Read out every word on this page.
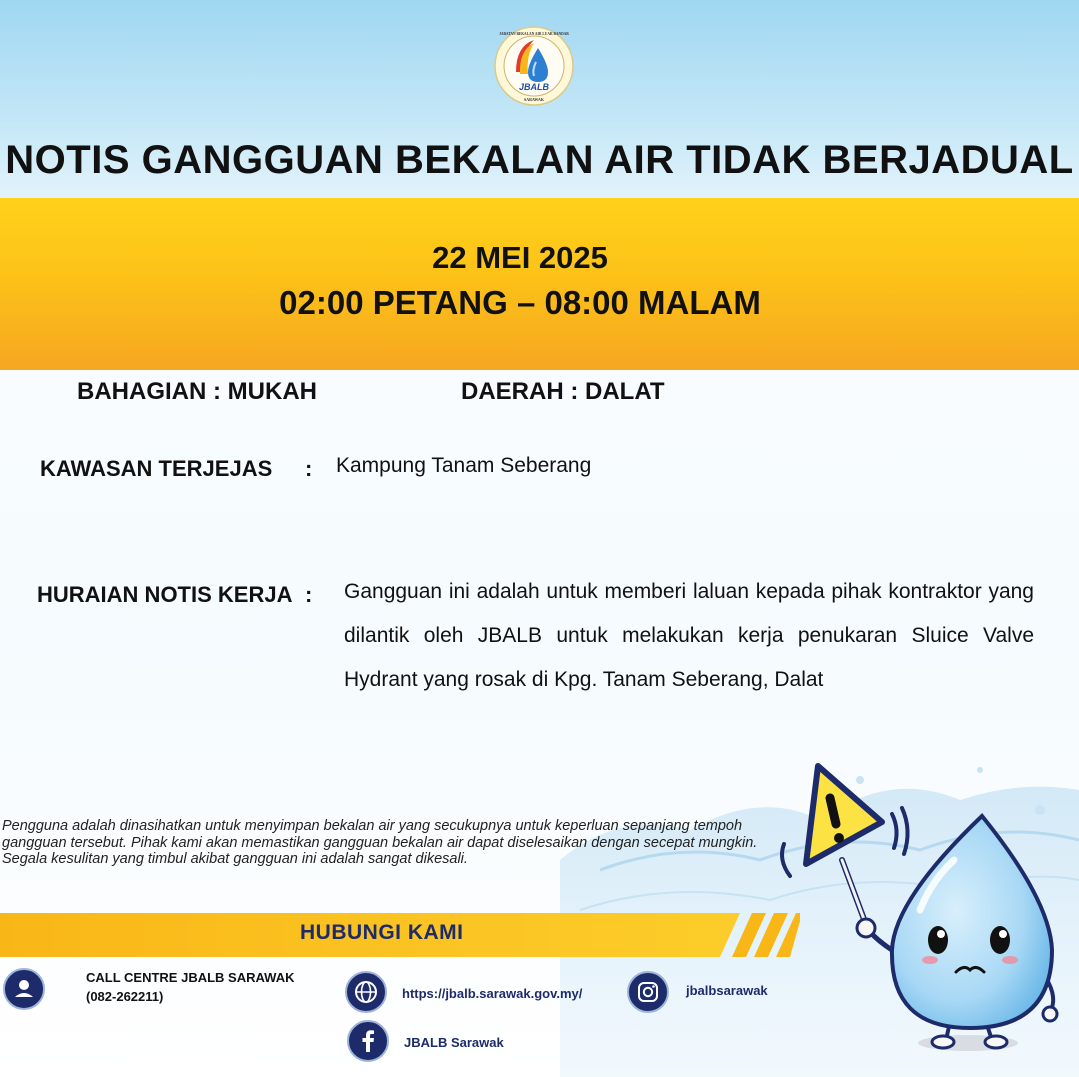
JBALB
SARAWAK
JABATAN BEKALAN AIR LUAR BANDAR
NOTIS GANGGUAN BEKALAN AIR TIDAK BERJADUAL
22 MEI 2025
02:00 PETANG – 08:00 MALAM
BAHAGIAN : MUKAH	DAERAH : DALAT
KAWASAN TERJEJAS : Kampung Tanam Seberang
HURAIAN NOTIS KERJA : Gangguan ini adalah untuk memberi laluan kepada pihak kontraktor yang dilantik oleh JBALB untuk melakukan kerja penukaran Sluice Valve Hydrant yang rosak di Kpg. Tanam Seberang, Dalat
Pengguna adalah dinasihatkan untuk menyimpan bekalan air yang secukupnya untuk keperluan sepanjang tempoh gangguan tersebut. Pihak kami akan memastikan gangguan bekalan air dapat diselesaikan dengan secepat mungkin. Segala kesulitan yang timbul akibat gangguan ini adalah sangat dikesali.
HUBUNGI KAMI
CALL CENTRE JBALB SARAWAK
(082-262211)	https://jbalb.sarawak.gov.my/	jbalbsarawak
JBALB Sarawak
